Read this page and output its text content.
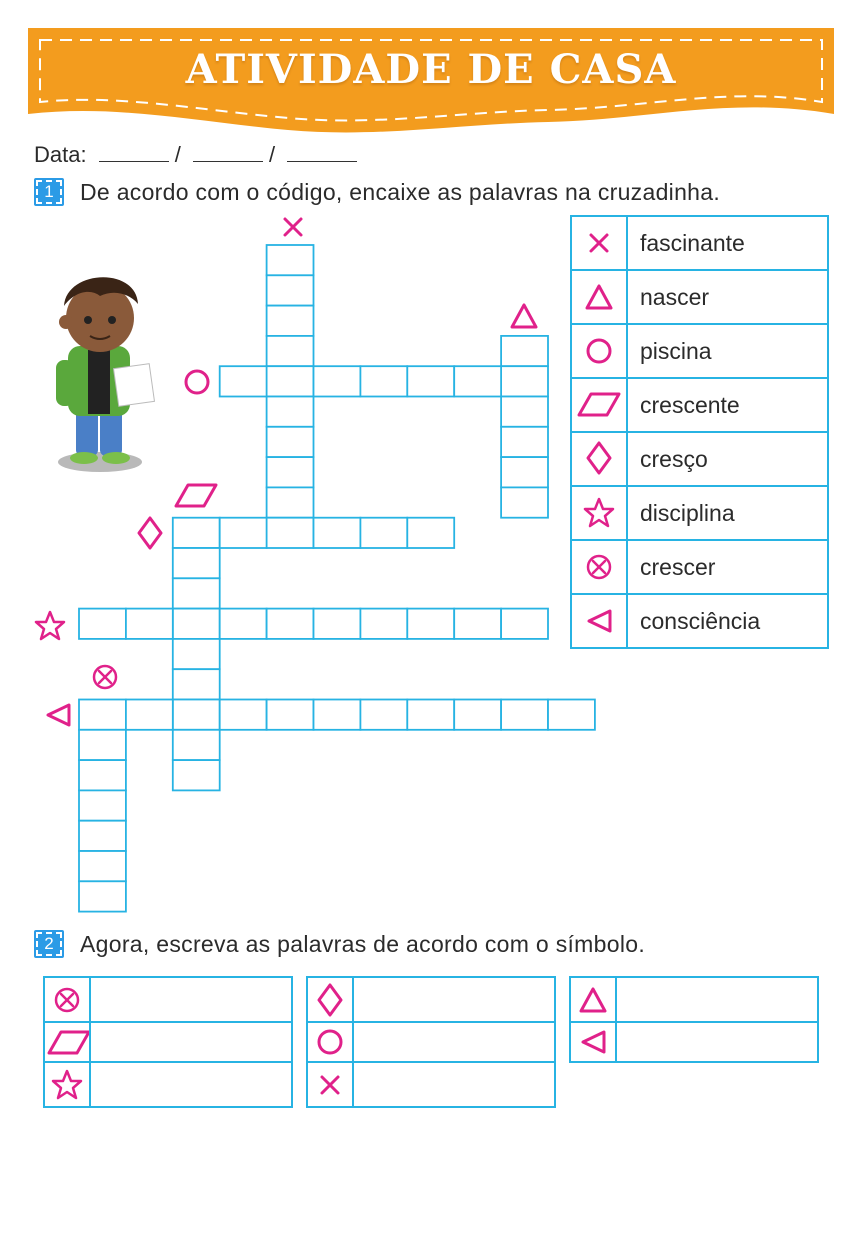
ATIVIDADE DE CASA
Data:	/	/
1	De acordo com o código, encaixe as palavras na cruzadinha.
	fascinante

	nascer

	piscina

	crescente

	cresço

	disciplina

	crescer

	consciência
2	Agora, escreva as palavras de acordo com o símbolo.
